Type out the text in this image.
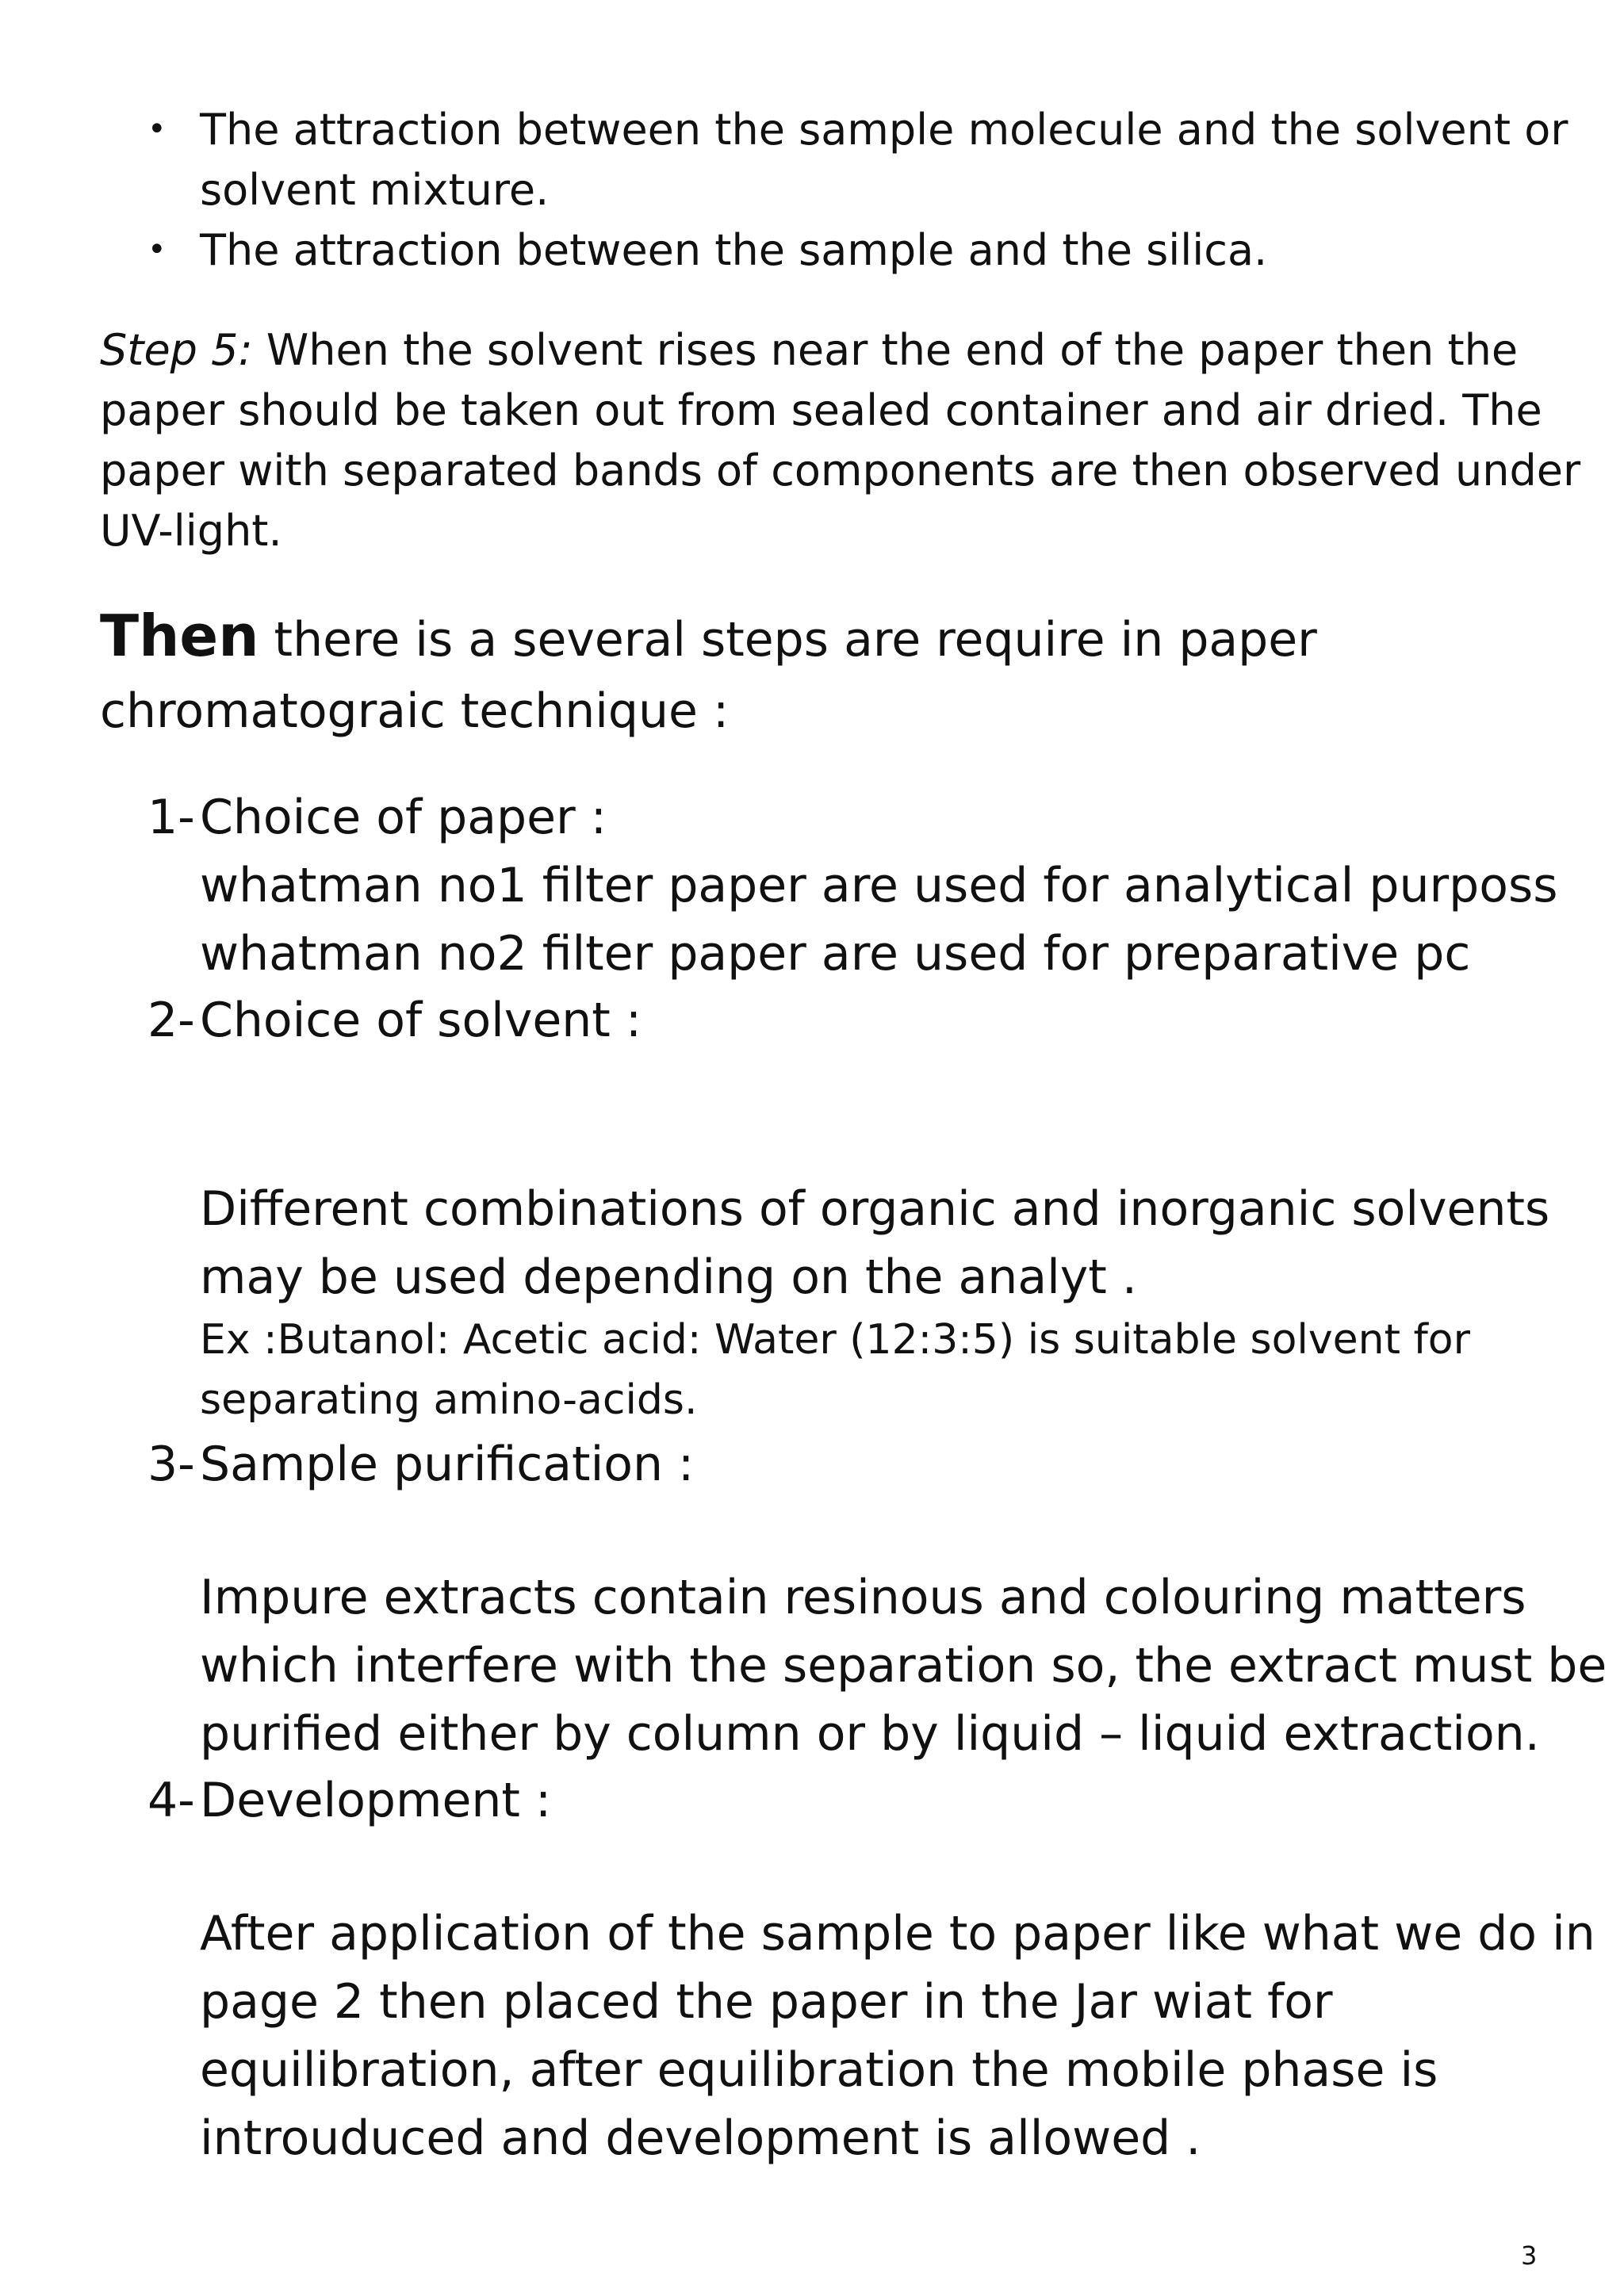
• The attraction between the sample molecule and the solvent or
solvent mixture.
• The attraction between the sample and the silica.
Step 5: When the solvent rises near the end of the paper then the
paper should be taken out from sealed container and air dried. The
paper with separated bands of components are then observed under
UV-light.
Then there is a several steps are require in paper
chromatograic technique :
1- Choice of paper :
whatman no1 filter paper are used for analytical purposs
whatman no2 filter paper are used for preparative pc
2- Choice of solvent :
Different combinations of organic and inorganic solvents
may be used depending on the analyt .
Ex :Butanol: Acetic acid: Water (12:3:5) is suitable solvent for
separating amino-acids.
3- Sample purification :
Impure extracts contain resinous and colouring matters
which interfere with the separation so, the extract must be
purified either by column or by liquid – liquid extraction.
4- Development :
After application of the sample to paper like what we do in
page 2 then placed the paper in the Jar wiat for
equilibration, after equilibration the mobile phase is
introuduced and development is allowed .
3
